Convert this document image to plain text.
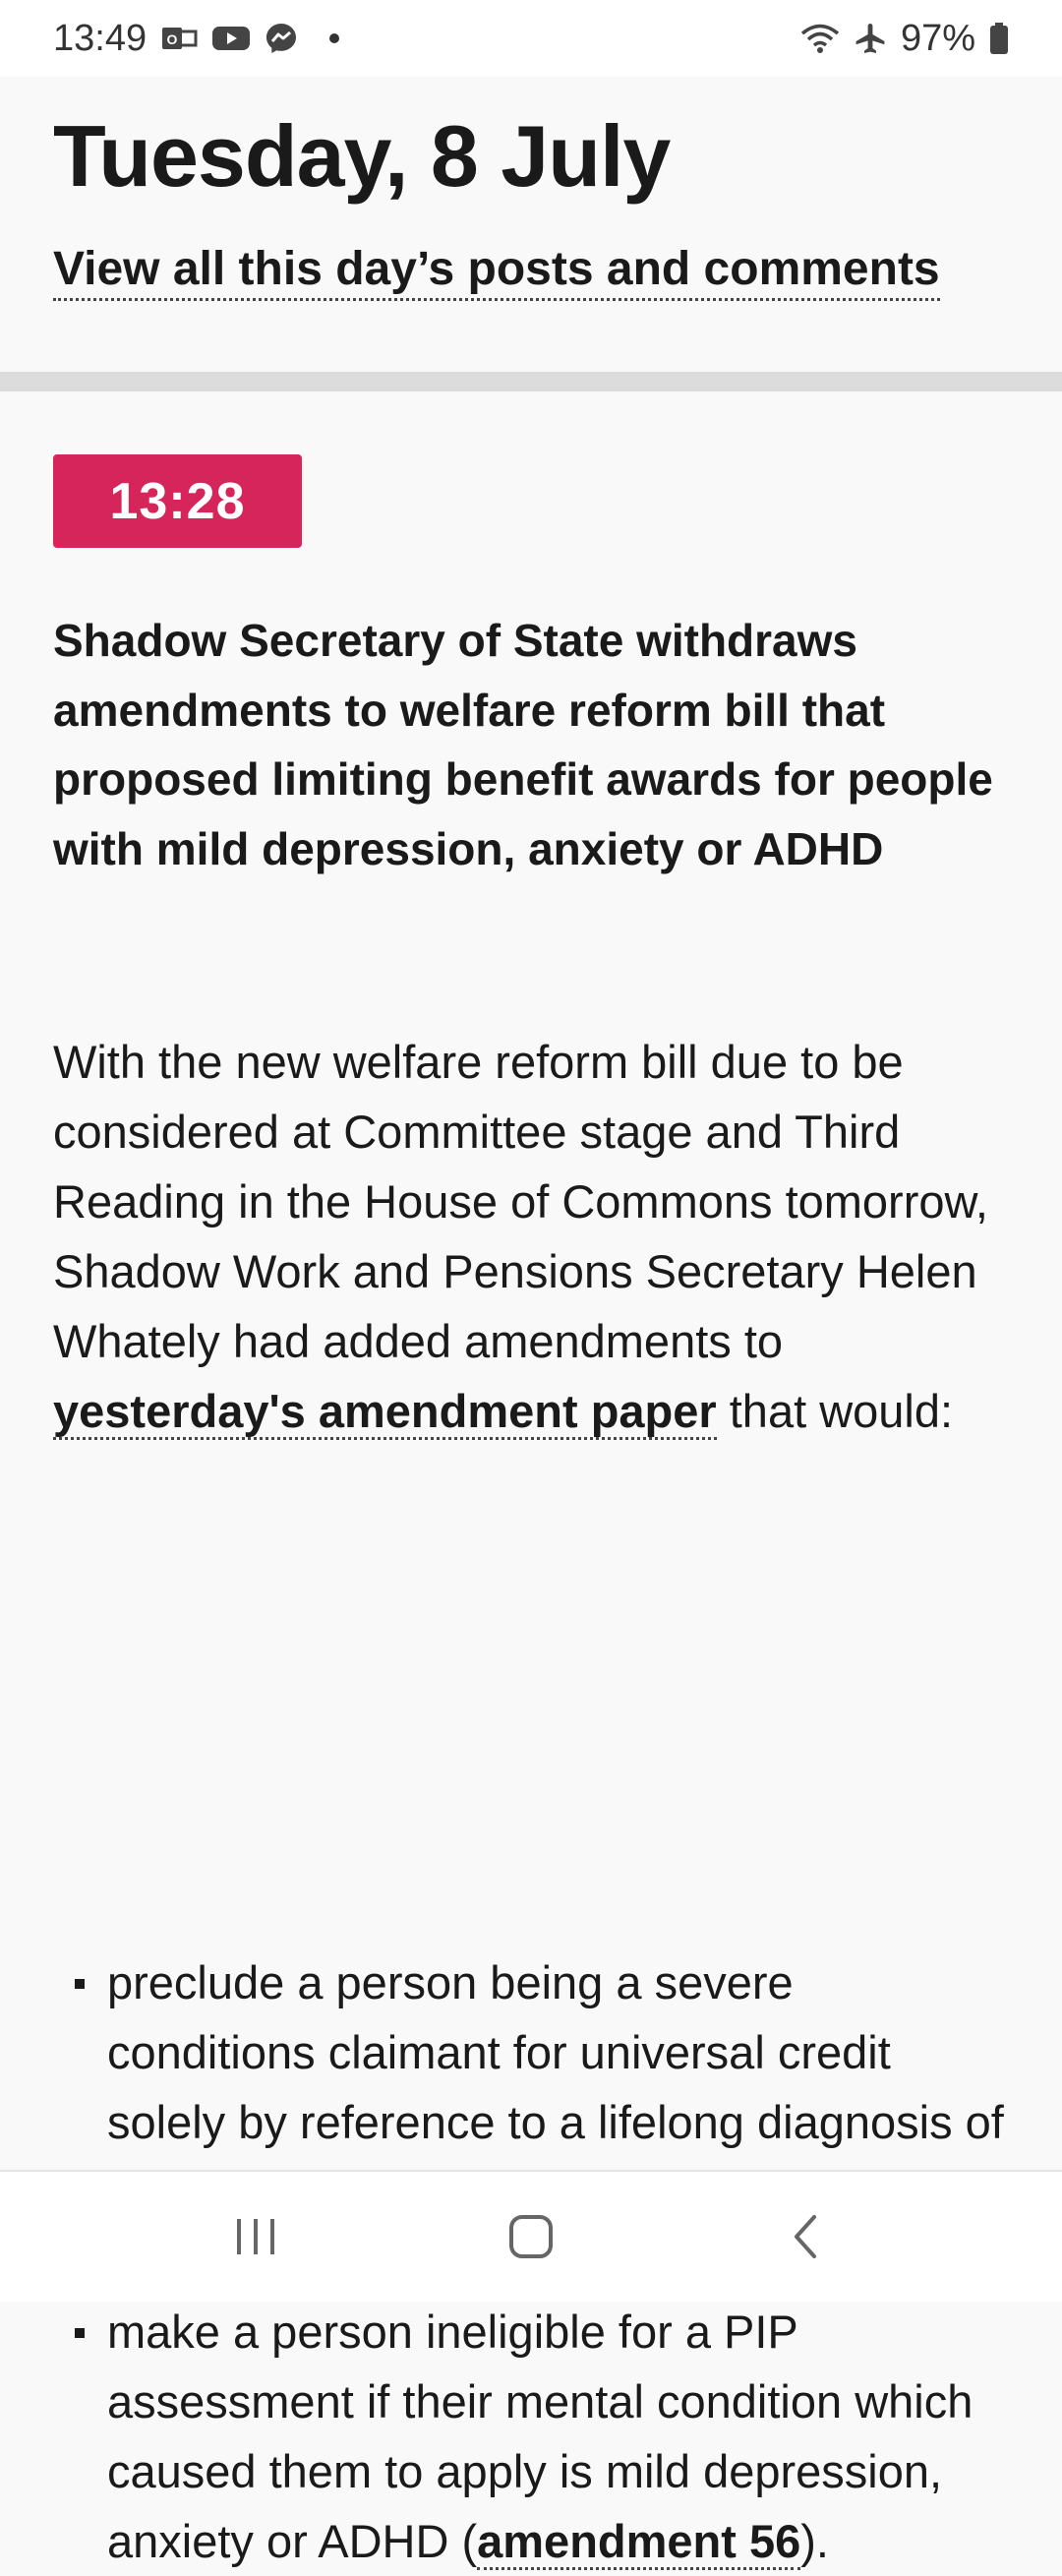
13:49 O	97%
Tuesday, 8 July
View all this day’s posts and comments
13:28
Shadow Secretary of State withdraws amendments to welfare reform bill that proposed limiting benefit awards for people with mild depression, anxiety or ADHD

With the new welfare reform bill due to be considered at Committee stage and Third Reading in the House of Commons tomorrow, Shadow Work and Pensions Secretary Helen Whately had added amendments to yesterday's amendment paper that would:

preclude a person being a severe conditions claimant for universal credit solely by reference to a lifelong diagnosis of
make a person ineligible for a PIP assessment if their mental condition which caused them to apply is mild depression, anxiety or ADHD (amendment 56).
